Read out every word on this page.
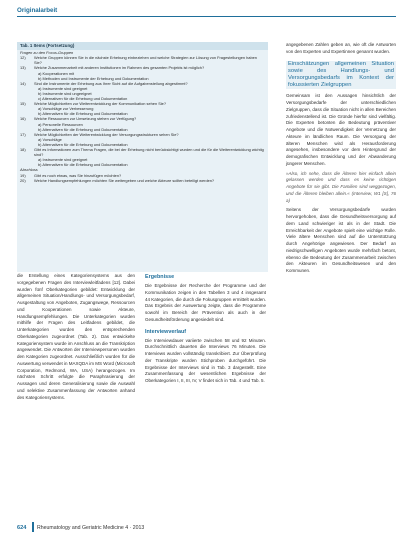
Originalarbeit
Tab. 1 Items (Fortsetzung)
Fragen zu den Focus-Gruppen
12)	Welche Gruppen können Sie in die nächste Erhebung einbeziehen und welche Strategien zur Lösung von Fragestellungen haben Sie?
13)	Welche Zusammenarbeit mit anderen Institutionen im Rahmen des gesamten Projekts ist möglich?
a) Kooperationen mit
b) Methoden und Instrumente der Erhebung und Dokumentation
14)	Sind die Instrumente der Erhebung aus Ihrer Sicht auf die Aufgabenstellung abgestimmt?
a) Instrumente sind geeignet
b) Instrumente sind ungeeignet
c) Alternativen für die Erhebung und Dokumentation
15)	Welche Möglichkeiten zur Weiterentwicklung der Kommunikation sehen Sie?
a) Vorschläge zur Verbesserung
b) Alternativen für die Erhebung und Dokumentation
16)	Welche Ressourcen zur Umsetzung stehen zur Verfügung?
a) Personelle Ressourcen
b) Alternativen für die Erhebung und Dokumentation
17)	Welche Möglichkeiten der Weiterentwicklung der Versorgungsstrukturen sehen Sie?
a) Vorschläge
b) Alternativen für die Erhebung und Dokumentation
18)	Gibt es Informationen zum Thema Fragen, die bei der Erhebung nicht berücksichtigt wurden und die für die Weiterentwicklung wichtig sind?
a) Instrumente sind geeignet
b) Alternativen für die Erhebung und Dokumentation
Abschluss
19)	Gibt es noch etwas, was Sie hinzufügen möchten?
20)	Welche Handlungsempfehlungen möchten Sie weitergeben und welche Akteure sollten beteiligt werden?

die Erstellung eines Kategoriensystems aus den vorgegebenen Fragen des Interviewleitfadens [12]. Dabei wurden fünf Oberkategorien gebildet: Entwicklung der allgemeinen Situation/Handlungs- und Versorgungsbedarf, Ausgestaltung von Angeboten, Zugangswege, Ressourcen und Kooperationen sowie Akteure, Handlungsempfehlungen. Die Unterkategorien wurden mithilfe der Fragen des Leitfadens gebildet, die Unterkategorien wurden den entsprechenden Oberkategorien zugeordnet (Tab. 2). Das entwickelte Kategoriensystem wurde im Anschluss an die Transkription angewendet. Die Antworten der Interviewpersonen wurden den Kategorien zugeordnet. Ausschließlich wurden für die Auswertung verwendet in MAXQDA im MS Word (Microsoft Corporation, Redmond, WA, USA) herangezogen. Im nächsten Schritt erfolgte die Paraphrasierung der Aussagen und deren Generalisierung sowie die Auswahl und selektive Zusammenfassung der Antworten anhand des Kategoriensystems.

Ergebnisse

Die Ergebnisse der Recherche der Programme und der Kommunikation zeigen in den Tabellen 3 und 4 insgesamt 44 Kategorien, die durch die Fokusgruppen ermittelt wurden. Das Ergebnis der Auswertung zeigte, dass die Programme sowohl im Bereich der Prävention als auch in der Gesundheitsförderung angesiedelt sind.

Interviewverlauf

Die Interviewdauer variierte zwischen 58 und 92 Minuten. Durchschnittlich dauerten die Interviews 76 Minuten. Die Interviews wurden vollständig transkribiert. Zur Überprüfung der Transkripte wurden Stichproben durchgeführt. Die Ergebnisse der Interviews sind in Tab. 3 dargestellt. Eine Zusammenfassung der wesentlichen Ergebnisse der Oberkategorien I, II, III, IV, V findet sich in Tab. 4 und Tab. 5.

angegebenen Zahlen geben an, wie oft die Antworten von den Experten und Expertinnen genannt wurden.

Einschätzungen allgemeinen Situation sowie des Handlungs- und Versorgungsbedarfs im Kontext der fokussierten Zielgruppen

Gemeinsam ist den Aussagen hinsichtlich der Versorgungsbedarfe der unterschiedlichen Zielgruppen, dass die Situation nicht in allen Bereichen zufriedenstellend ist. Die Gründe hierfür sind vielfältig. Die Experten betonten die Bedeutung präventiver Angebote und die Notwendigkeit der Vernetzung der Akteure im ländlichen Raum. Die Versorgung der älteren Menschen wird als Herausforderung angesehen, insbesondere vor dem Hintergrund der demografischen Entwicklung und der Abwanderung jüngerer Menschen.

»Also, ich sehe, dass die Älteren hier einfach allein gelassen werden und dass es keine richtigen Angebote für sie gibt. Die Familien sind weggezogen, und die Älteren bleiben allein.« (Interview, W1 [S], 76 a)

Seitens der Versorgungsbedarfe wurden hervorgehoben, dass die Gesundheitsversorgung auf dem Land schwieriger ist als in der Stadt. Die Erreichbarkeit der Angebote spielt eine wichtige Rolle. Viele ältere Menschen sind auf die Unterstützung durch Angehörige angewiesen. Der Bedarf an niedrigschwelligen Angeboten wurde mehrfach betont, ebenso die Bedeutung der Zusammenarbeit zwischen den Akteuren im Gesundheitswesen und den Kommunen.

624 Rheumatology and Geriatric Medicine 4 · 2013
